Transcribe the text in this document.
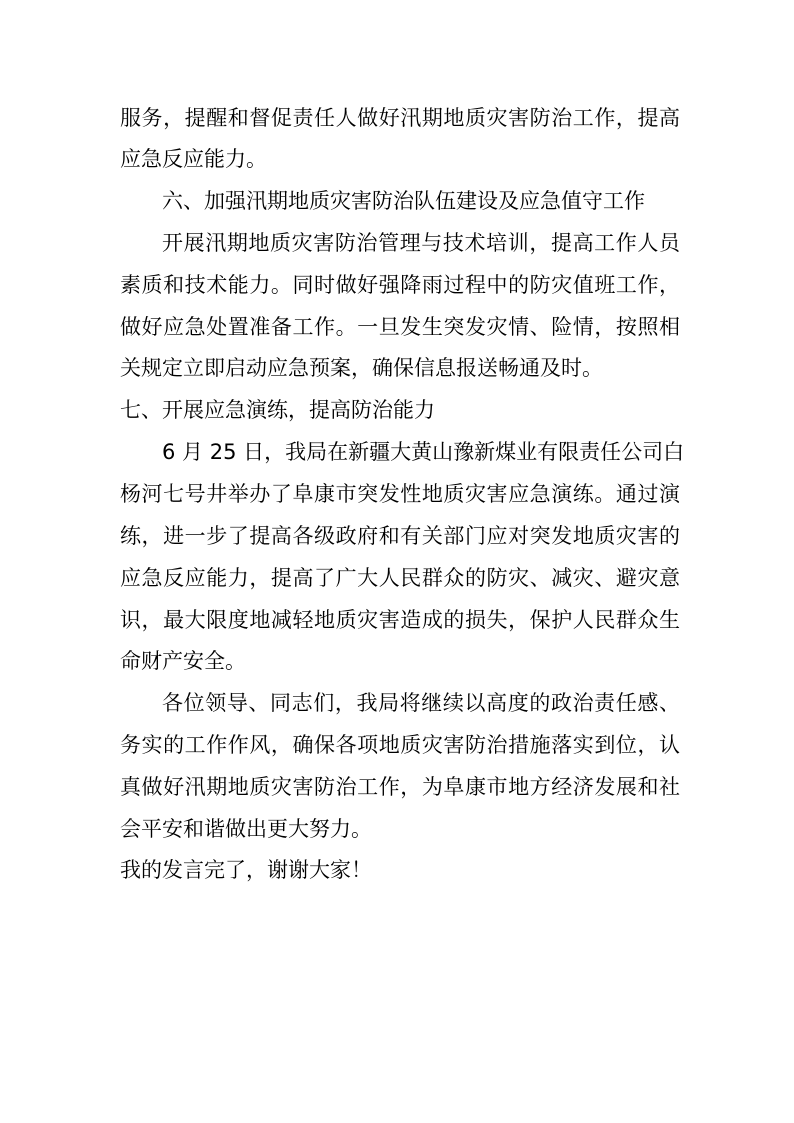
服务，提醒和督促责任人做好汛期地质灾害防治工作，提高
应急反应能力。
六、加强汛期地质灾害防治队伍建设及应急值守工作
开展汛期地质灾害防治管理与技术培训，提高工作人员
素质和技术能力。同时做好强降雨过程中的防灾值班工作，
做好应急处置准备工作。一旦发生突发灾情、险情，按照相
关规定立即启动应急预案，确保信息报送畅通及时。
七、开展应急演练，提高防治能力
6 月 25 日，我局在新疆大黄山豫新煤业有限责任公司白
杨河七号井举办了阜康市突发性地质灾害应急演练。通过演
练，进一步了提高各级政府和有关部门应对突发地质灾害的
应急反应能力，提高了广大人民群众的防灾、减灾、避灾意
识，最大限度地减轻地质灾害造成的损失，保护人民群众生
命财产安全。
各位领导、同志们，我局将继续以高度的政治责任感、
务实的工作作风，确保各项地质灾害防治措施落实到位，认
真做好汛期地质灾害防治工作，为阜康市地方经济发展和社
会平安和谐做出更大努力。
我的发言完了，谢谢大家！
